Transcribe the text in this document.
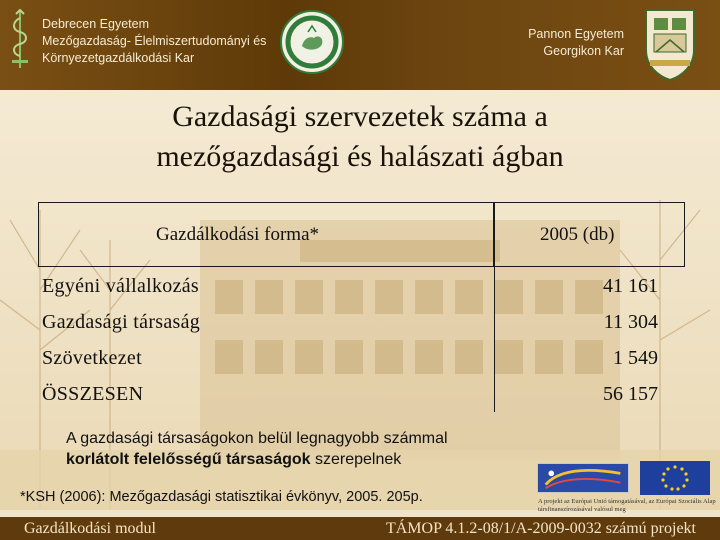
Debrecen Egyetem
Mezőgazdaság- Élelmiszertudományi és
Környezetgazdálkodási Kar
Pannon Egyetem
Georgikon Kar
Gazdasági szervezetek száma a
mezőgazdasági és halászati ágban
Gazdálkodási forma*	2005 (db)
Egyéni vállalkozás	41 161
Gazdasági társaság	11 304
Szövetkezet	1 549
ÖSSZESEN	56 157
A gazdasági társaságokon belül legnagyobb számmal
korlátolt felelősségű társaságok szerepelnek
*KSH (2006): Mezőgazdasági statisztikai évkönyv, 2005. 205p.	A projekt az Európai Unió támogatásával, az Európai Szociális Alap társfinanszírozásával valósul meg
Gazdálkodási modul	TÁMOP 4.1.2-08/1/A-2009-0032 számú projekt
